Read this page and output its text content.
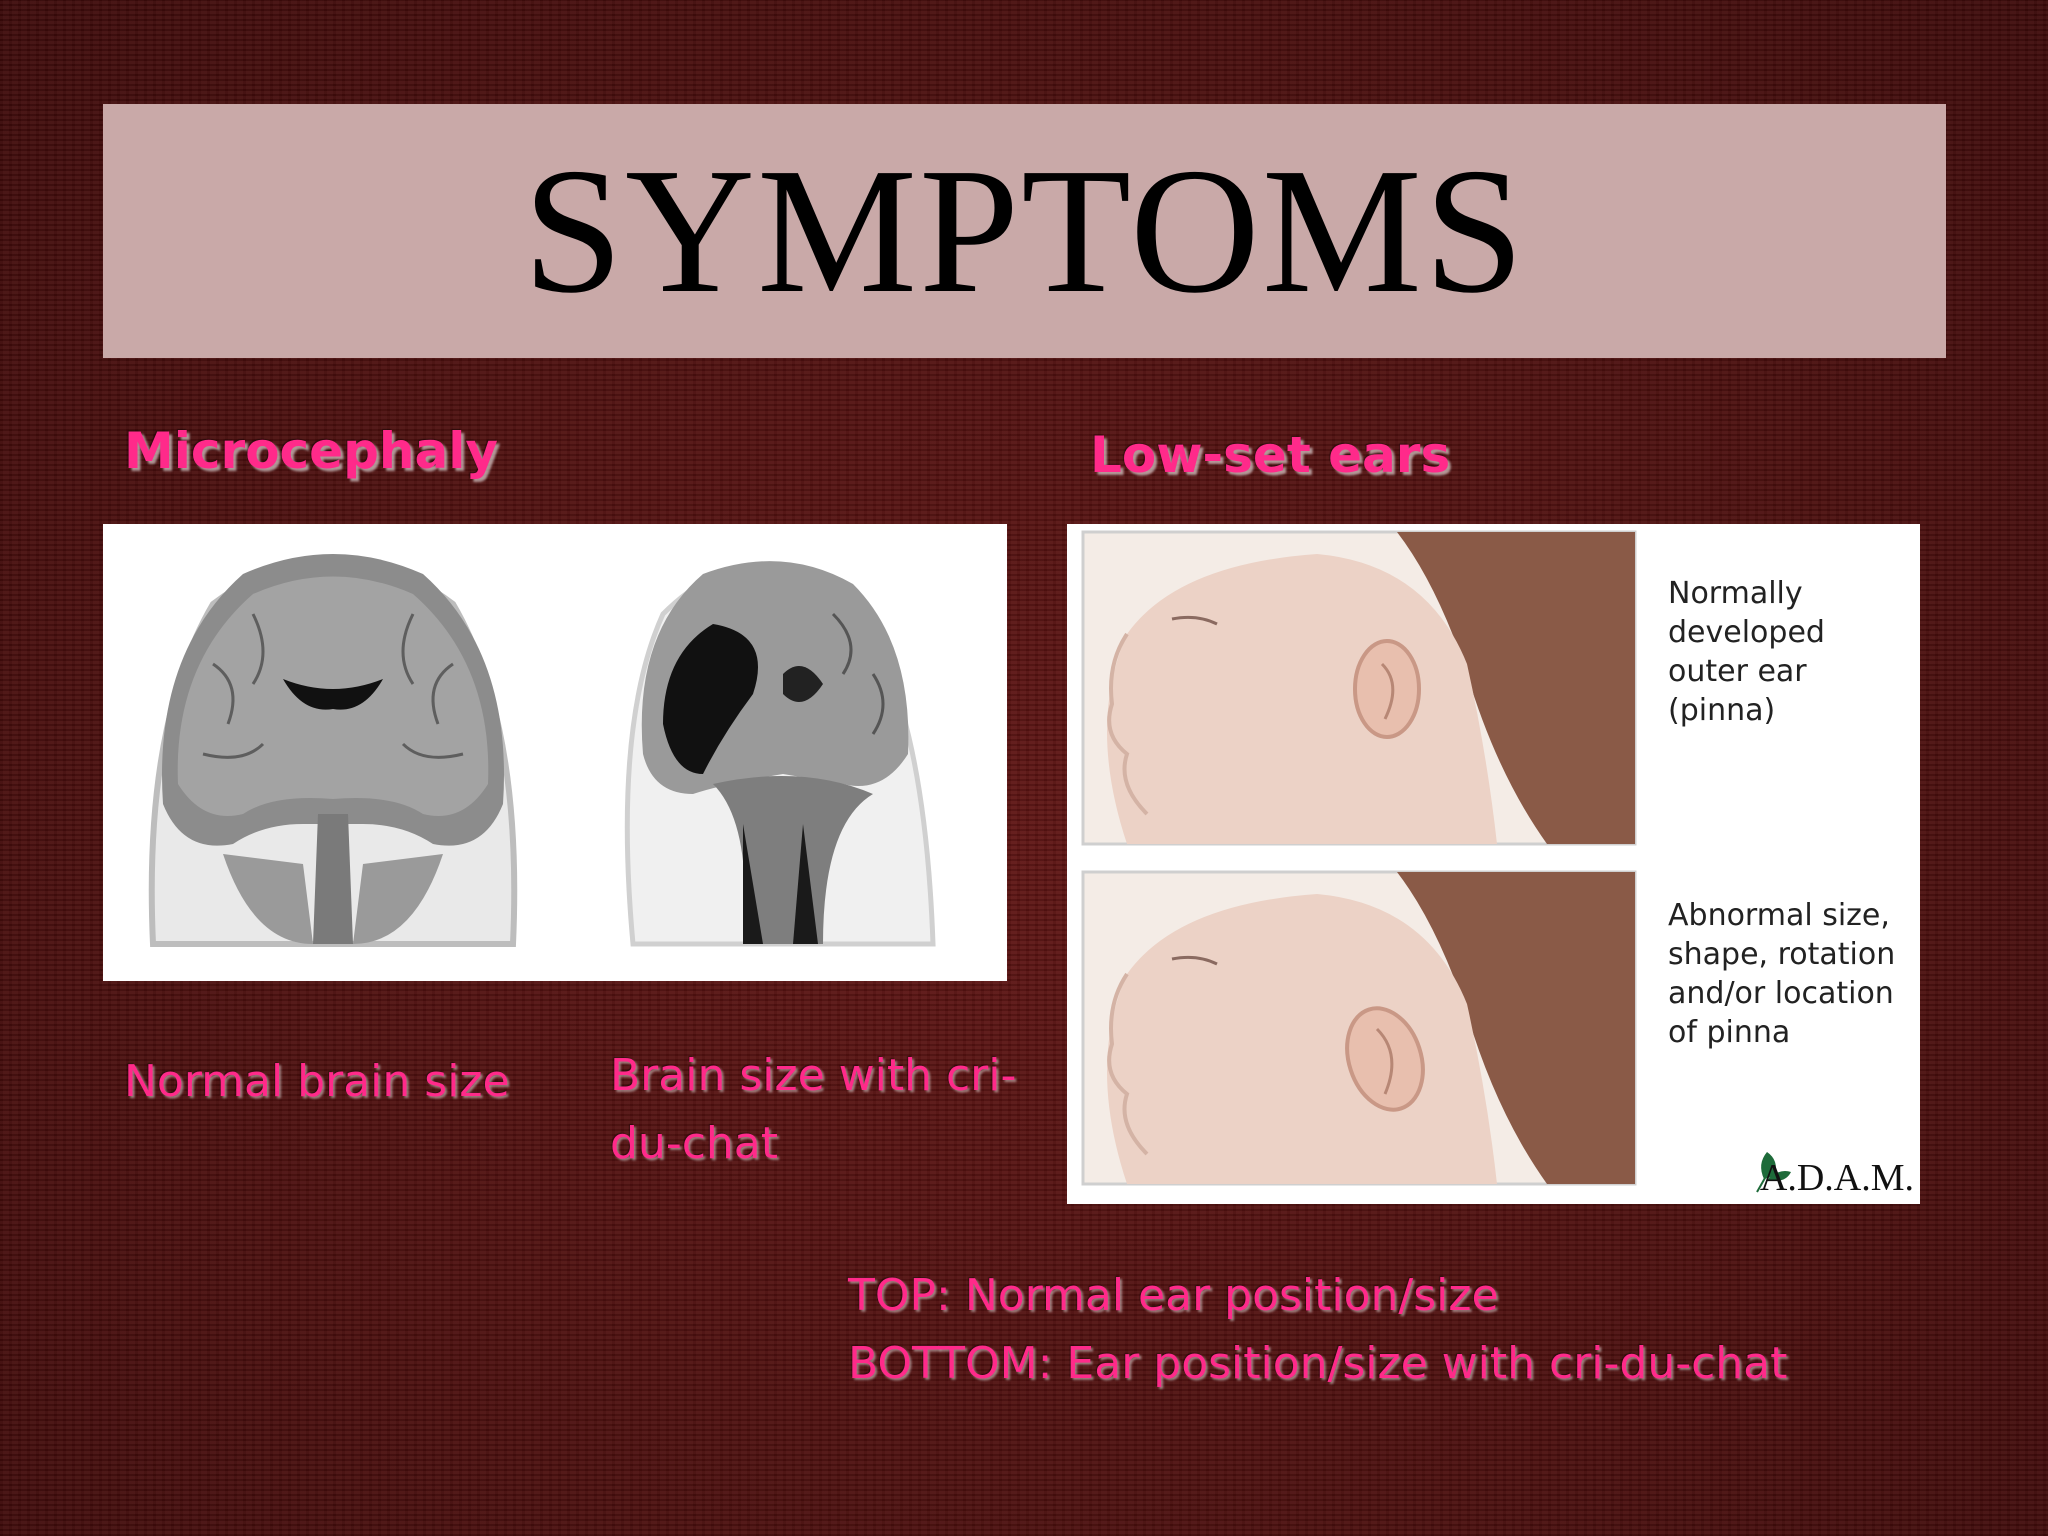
SYMPTOMS
Microcephaly
Normal brain size Brain size with cri-du-chat
Low-set ears
Normally developed outer ear (pinna)
Abnormal size, shape, rotation and/or location of pinna
A.D.A.M.
TOP: Normal ear position/size
BOTTOM: Ear position/size with cri-du-chat
